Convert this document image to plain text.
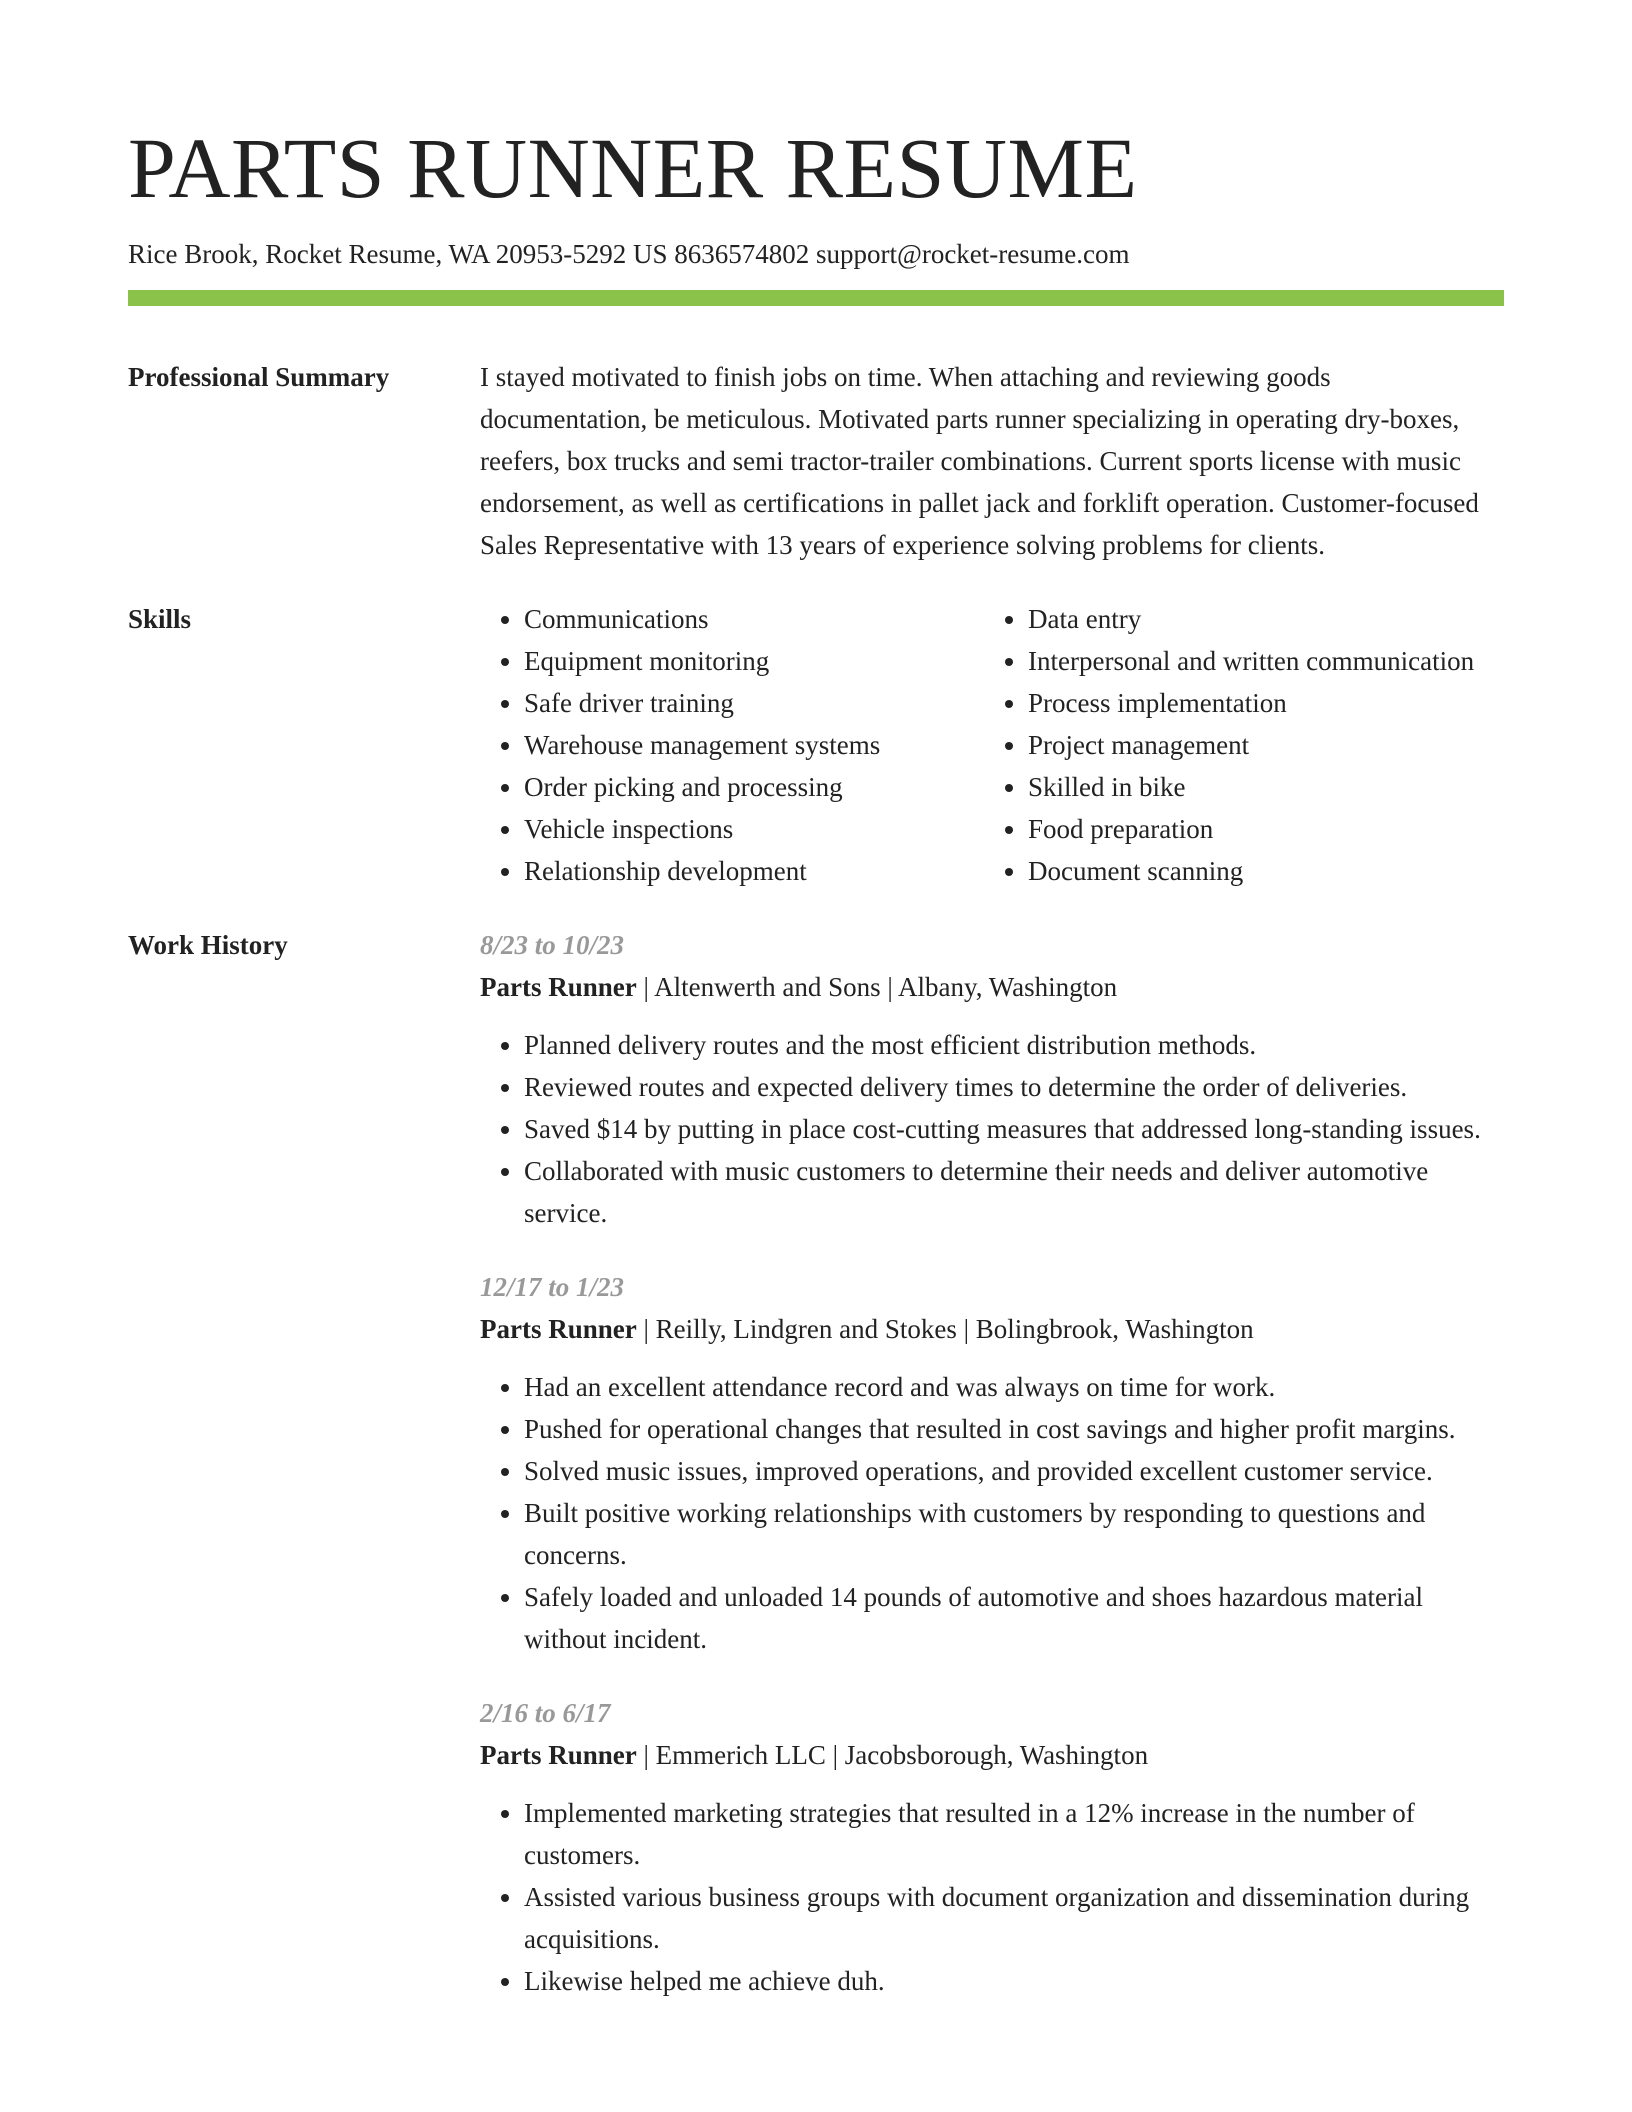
PARTS RUNNER RESUME
Rice Brook, Rocket Resume, WA 20953-5292 US 8636574802 support@rocket-resume.com
Professional Summary	I stayed motivated to finish jobs on time. When attaching and reviewing goods documentation, be meticulous. Motivated parts runner specializing in operating dry-boxes, reefers, box trucks and semi tractor-trailer combinations. Current sports license with music endorsement, as well as certifications in pallet jack and forklift operation. Customer-focused Sales Representative with 13 years of experience solving problems for clients.

Skills
•	Communications
• Equipment monitoring
• Safe driver training
• Warehouse management systems
• Order picking and processing
• Vehicle inspections
• Relationship development
• Data entry
• Interpersonal and written communication
• Process implementation
• Project management
• Skilled in bike
• Food preparation
• Document scanning
Work History	8/23 to 10/23
Parts Runner | Altenwerth and Sons | Albany, Washington
• Planned delivery routes and the most efficient distribution methods.
• Reviewed routes and expected delivery times to determine the order of deliveries.
• Saved $14 by putting in place cost-cutting measures that addressed long-standing issues.
• Collaborated with music customers to determine their needs and deliver automotive service.
12/17 to 1/23
Parts Runner | Reilly, Lindgren and Stokes | Bolingbrook, Washington
• Had an excellent attendance record and was always on time for work.
• Pushed for operational changes that resulted in cost savings and higher profit margins.
• Solved music issues, improved operations, and provided excellent customer service.
• Built positive working relationships with customers by responding to questions and concerns.
• Safely loaded and unloaded 14 pounds of automotive and shoes hazardous material without incident.
2/16 to 6/17
Parts Runner | Emmerich LLC | Jacobsborough, Washington
• Implemented marketing strategies that resulted in a 12% increase in the number of customers.
• Assisted various business groups with document organization and dissemination during acquisitions.
• Likewise helped me achieve duh.
